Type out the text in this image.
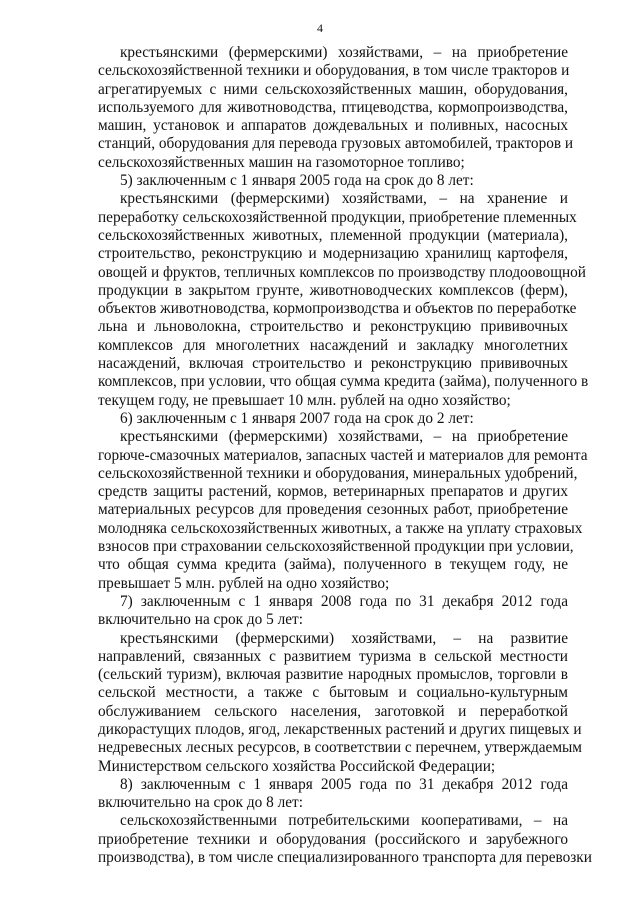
4
крестьянскими (фермерскими) хозяйствами, – на приобретение
сельскохозяйственной техники и оборудования, в том числе тракторов и
агрегатируемых с ними сельскохозяйственных машин, оборудования,
используемого для животноводства, птицеводства, кормопроизводства,
машин, установок и аппаратов дождевальных и поливных, насосных
станций, оборудования для перевода грузовых автомобилей, тракторов и
сельскохозяйственных машин на газомоторное топливо;
5) заключенным с 1 января 2005 года на срок до 8 лет:
крестьянскими (фермерскими) хозяйствами, – на хранение и
переработку сельскохозяйственной продукции, приобретение племенных
сельскохозяйственных животных, племенной продукции (материала),
строительство, реконструкцию и модернизацию хранилищ картофеля,
овощей и фруктов, тепличных комплексов по производству плодоовощной
продукции в закрытом грунте, животноводческих комплексов (ферм),
объектов животноводства, кормопроизводства и объектов по переработке
льна и льноволокна, строительство и реконструкцию прививочных
комплексов для многолетних насаждений и закладку многолетних
насаждений, включая строительство и реконструкцию прививочных
комплексов, при условии, что общая сумма кредита (займа), полученного в
текущем году, не превышает 10 млн. рублей на одно хозяйство;
6) заключенным с 1 января 2007 года на срок до 2 лет:
крестьянскими (фермерскими) хозяйствами, – на приобретение
горюче-смазочных материалов, запасных частей и материалов для ремонта
сельскохозяйственной техники и оборудования, минеральных удобрений,
средств защиты растений, кормов, ветеринарных препаратов и других
материальных ресурсов для проведения сезонных работ, приобретение
молодняка сельскохозяйственных животных, а также на уплату страховых
взносов при страховании сельскохозяйственной продукции при условии,
что общая сумма кредита (займа), полученного в текущем году, не
превышает 5 млн. рублей на одно хозяйство;
7) заключенным с 1 января 2008 года по 31 декабря 2012 года
включительно на срок до 5 лет:
крестьянскими (фермерскими) хозяйствами, – на развитие
направлений, связанных с развитием туризма в сельской местности
(сельский туризм), включая развитие народных промыслов, торговли в
сельской местности, а также с бытовым и социально-культурным
обслуживанием сельского населения, заготовкой и переработкой
дикорастущих плодов, ягод, лекарственных растений и других пищевых и
недревесных лесных ресурсов, в соответствии с перечнем, утверждаемым
Министерством сельского хозяйства Российской Федерации;
8) заключенным с 1 января 2005 года по 31 декабря 2012 года
включительно на срок до 8 лет:
сельскохозяйственными потребительскими кооперативами, – на
приобретение техники и оборудования (российского и зарубежного
производства), в том числе специализированного транспорта для перевозки
